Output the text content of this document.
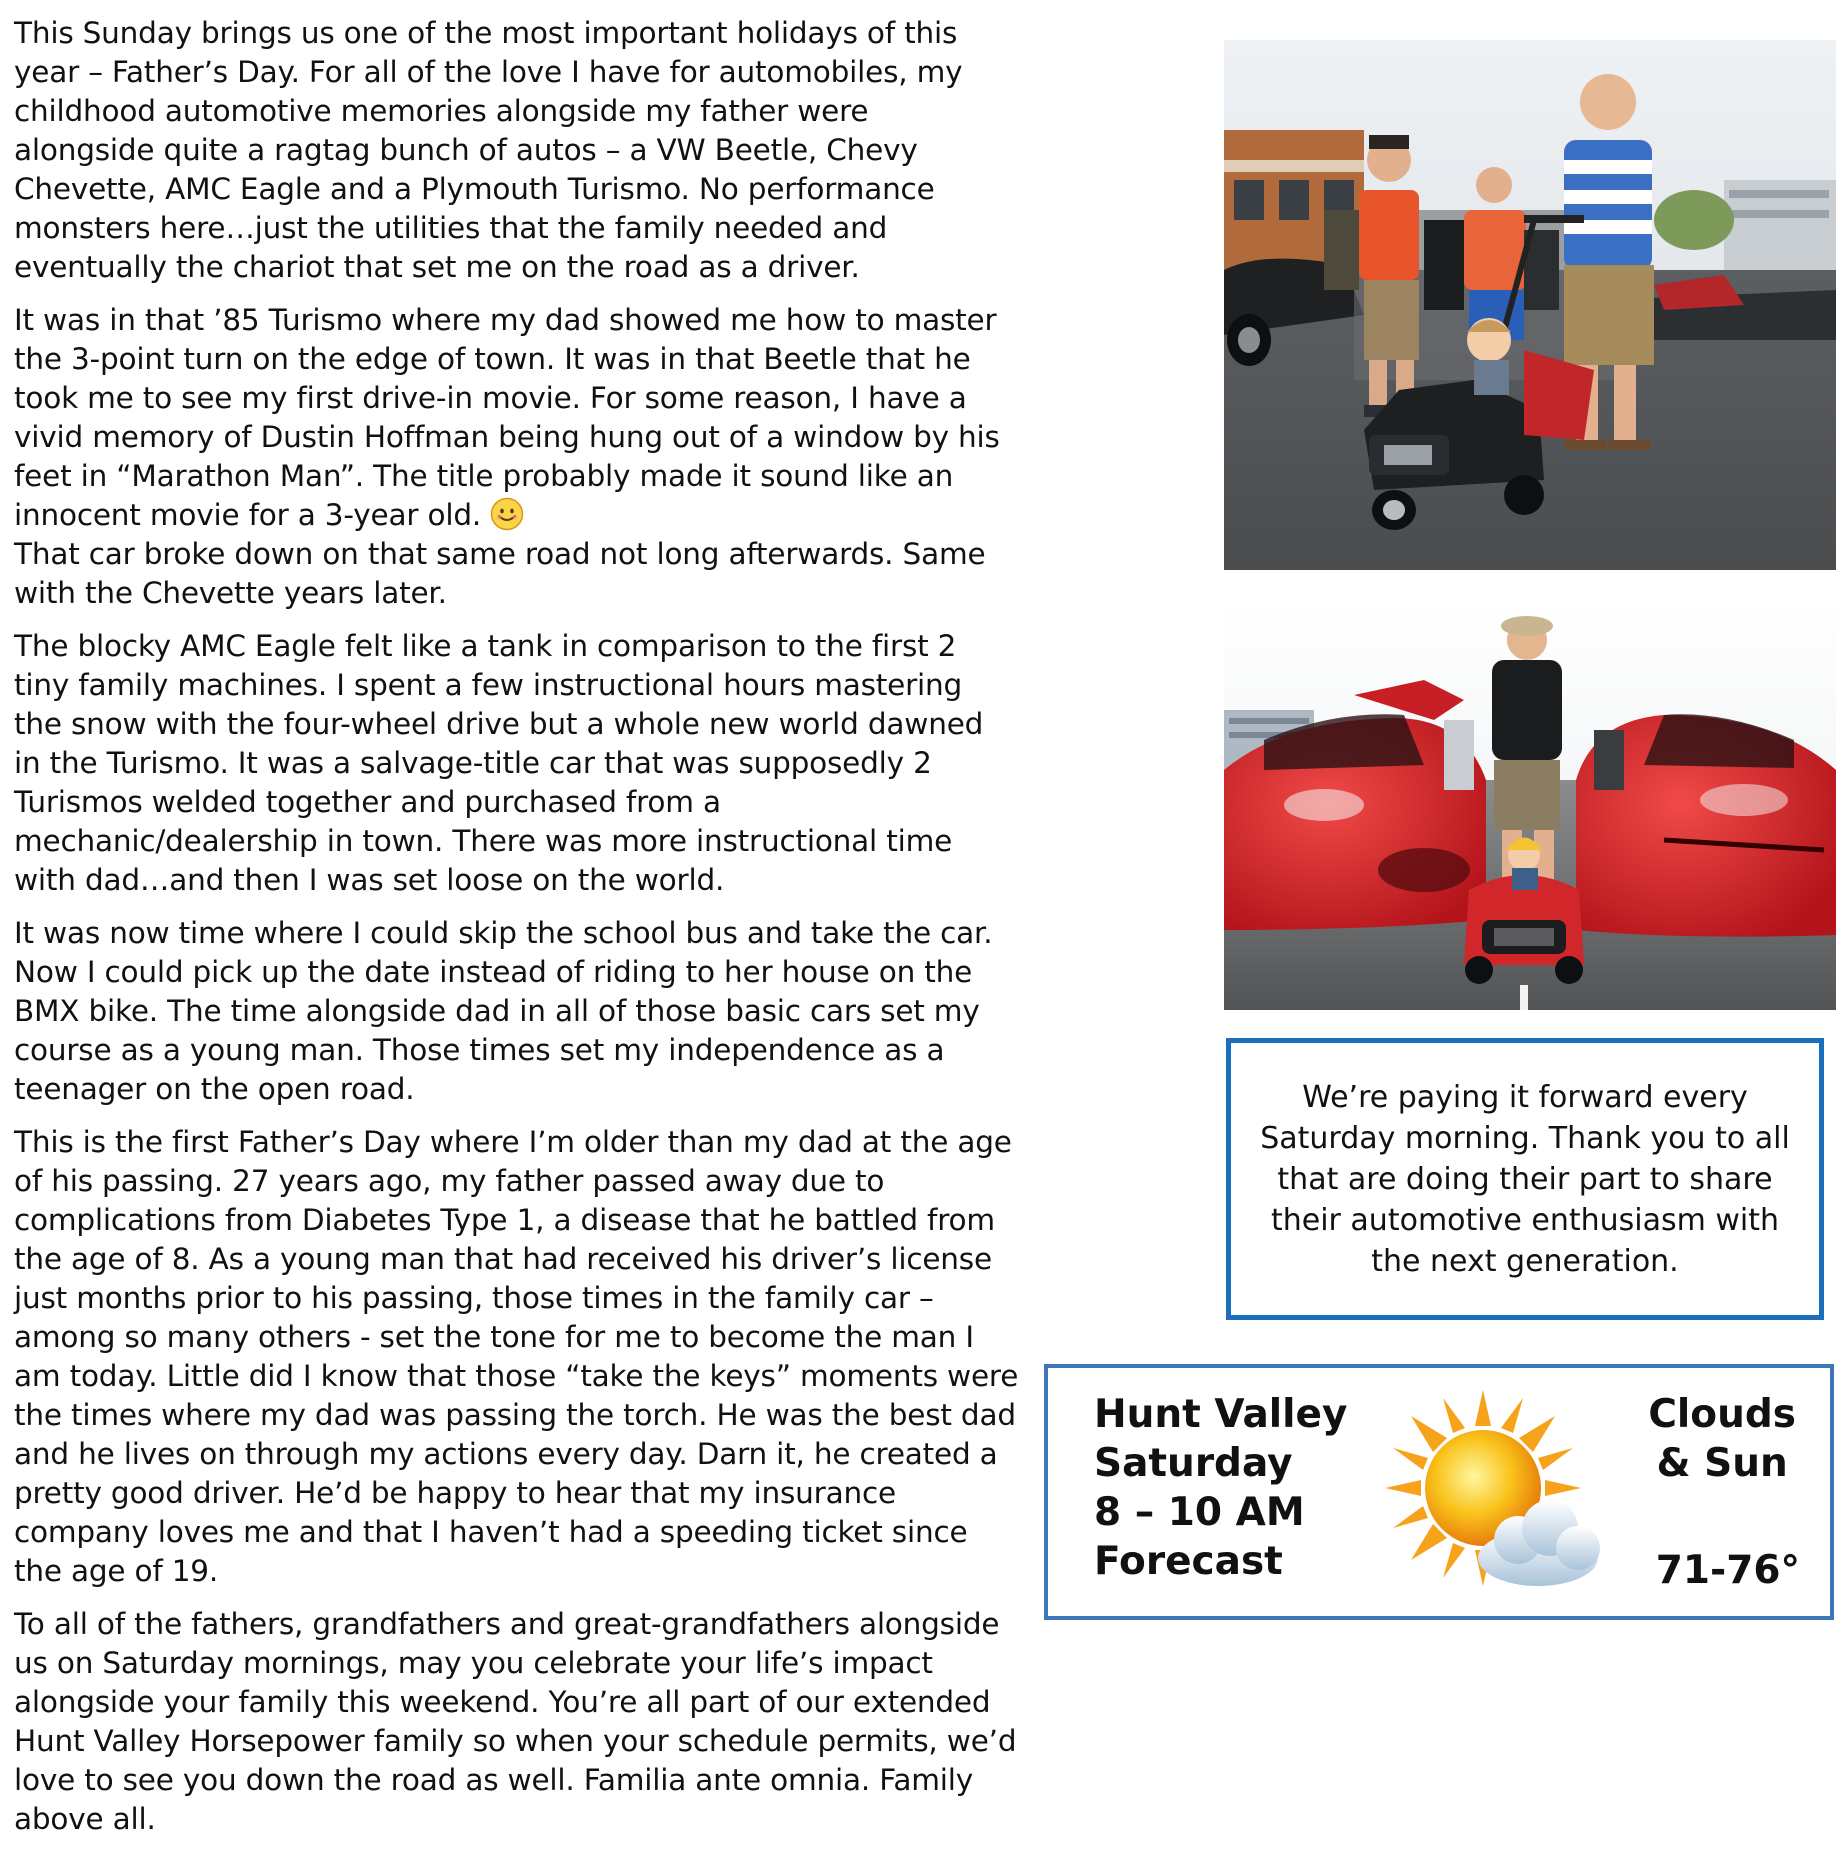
This Sunday brings us one of the most important holidays of this year – Father’s Day. For all of the love I have for automobiles, my childhood automotive memories alongside my father were alongside quite a ragtag bunch of autos – a VW Beetle, Chevy Chevette, AMC Eagle and a Plymouth Turismo. No performance monsters here…just the utilities that the family needed and eventually the chariot that set me on the road as a driver.

It was in that ’85 Turismo where my dad showed me how to master the 3-point turn on the edge of town. It was in that Beetle that he took me to see my first drive-in movie. For some reason, I have a vivid memory of Dustin Hoffman being hung out of a window by his feet in “Marathon Man”. The title probably made it sound like an innocent movie for a 3-year old.

That car broke down on that same road not long afterwards. Same with the Chevette years later.

The blocky AMC Eagle felt like a tank in comparison to the first 2 tiny family machines. I spent a few instructional hours mastering the snow with the four-wheel drive but a whole new world dawned in the Turismo. It was a salvage-title car that was supposedly 2 Turismos welded together and purchased from a mechanic/dealership in town. There was more instructional time with dad…and then I was set loose on the world.

It was now time where I could skip the school bus and take the car. Now I could pick up the date instead of riding to her house on the BMX bike. The time alongside dad in all of those basic cars set my course as a young man. Those times set my independence as a teenager on the open road.

This is the first Father’s Day where I’m older than my dad at the age of his passing. 27 years ago, my father passed away due to complications from Diabetes Type 1, a disease that he battled from the age of 8. As a young man that had received his driver’s license just months prior to his passing, those times in the family car – among so many others - set the tone for me to become the man I am today. Little did I know that those “take the keys” moments were the times where my dad was passing the torch. He was the best dad and he lives on through my actions every day. Darn it, he created a pretty good driver. He’d be happy to hear that my insurance company loves me and that I haven’t had a speeding ticket since the age of 19.

To all of the fathers, grandfathers and great-grandfathers alongside us on Saturday mornings, may you celebrate your life’s impact alongside your family this weekend. You’re all part of our extended Hunt Valley Horsepower family so when your schedule permits, we’d love to see you down the road as well. Familia ante omnia. Family above all.

We’re paying it forward every Saturday morning. Thank you to all that are doing their part to share their automotive enthusiasm with the next generation.

Hunt Valley
Saturday
8 – 10 AM
Forecast
Clouds
& Sun
71-76°
